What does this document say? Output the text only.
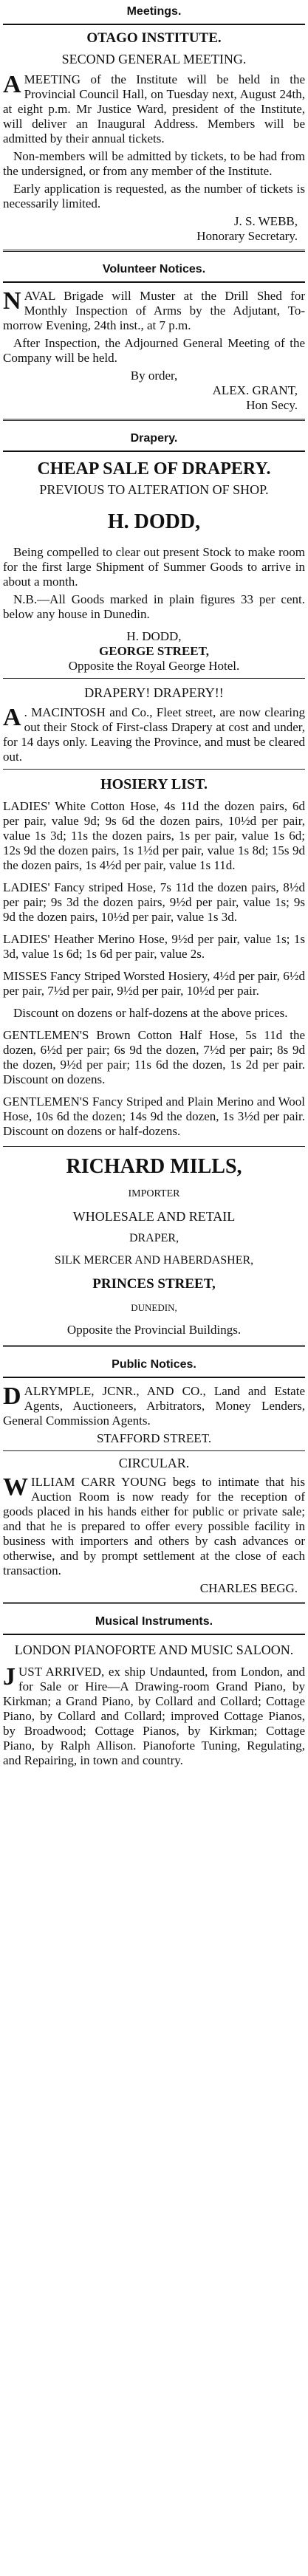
Meetings.
OTAGO INSTITUTE.
SECOND GENERAL MEETING.

AMEETING of the Institute will be held in the Provincial Council Hall, on Tuesday next, August 24th, at eight p.m. Mr Justice Ward, president of the Institute, will deliver an Inaugural Address. Members will be admitted by their annual tickets.

Non-members will be admitted by tickets, to be had from the undersigned, or from any member of the Institute.

Early application is requested, as the number of tickets is necessarily limited.

J. S. WEBB,
Honorary Secretary.
Volunteer Notices.

NAVAL Brigade will Muster at the Drill Shed for Monthly Inspection of Arms by the Adjutant, To-morrow Evening, 24th inst., at 7 p.m.

After Inspection, the Adjourned General Meeting of the Company will be held.

By order,
ALEX. GRANT,
Hon Secy.
Drapery.
CHEAP SALE OF DRAPERY.
PREVIOUS TO ALTERATION OF SHOP.
H. DODD,

Being compelled to clear out present Stock to make room for the first large Shipment of Summer Goods to arrive in about a month.

N.B.—All Goods marked in plain figures 33 per cent. below any house in Dunedin.

H. DODD,
GEORGE STREET,
Opposite the Royal George Hotel.
DRAPERY! DRAPERY!!

A . MACINTOSH and Co., Fleet street, are now clearing out their Stock of First-class Drapery at cost and under, for 14 days only. Leaving the Province, and must be cleared out.

HOSIERY LIST.

LADIES' White Cotton Hose, 4s 11d the dozen pairs, 6d per pair, value 9d; 9s 6d the dozen pairs, 10½d per pair, value 1s 3d; 11s the dozen pairs, 1s per pair, value 1s 6d; 12s 9d the dozen pairs, 1s 1½d per pair, value 1s 8d; 15s 9d the dozen pairs, 1s 4½d per pair, value 1s 11d.

LADIES' Fancy striped Hose, 7s 11d the dozen pairs, 8½d per pair; 9s 3d the dozen pairs, 9½d per pair, value 1s; 9s 9d the dozen pairs, 10½d per pair, value 1s 3d.

LADIES' Heather Merino Hose, 9½d per pair, value 1s; 1s 3d, value 1s 6d; 1s 6d per pair, value 2s.

MISSES Fancy Striped Worsted Hosiery, 4½d per pair, 6½d per pair, 7½d per pair, 9½d per pair, 10½d per pair.

Discount on dozens or half-dozens at the above prices.

GENTLEMEN'S Brown Cotton Half Hose, 5s 11d the dozen, 6½d per pair; 6s 9d the dozen, 7½d per pair; 8s 9d the dozen, 9½d per pair; 11s 6d the dozen, 1s 2d per pair. Discount on dozens.

GENTLEMEN'S Fancy Striped and Plain Merino and Wool Hose, 10s 6d the dozen; 14s 9d the dozen, 1s 3½d per pair. Discount on dozens or half-dozens.

RICHARD MILLS,
IMPORTER
WHOLESALE AND RETAIL
DRAPER,
SILK MERCER AND HABERDASHER,
PRINCES STREET,
DUNEDIN,
Opposite the Provincial Buildings.
Public Notices.

DALRYMPLE, JCNR., AND CO., Land and Estate Agents, Auctioneers, Arbitrators, Money Lenders, General Commission Agents.

STAFFORD STREET.
CIRCULAR.

WILLIAM CARR YOUNG begs to intimate that his Auction Room is now ready for the reception of goods placed in his hands either for public or private sale; and that he is prepared to offer every possible facility in business with importers and others by cash advances or otherwise, and by prompt settlement at the close of each transaction.

CHARLES BEGG.
Musical Instruments.
LONDON PIANOFORTE AND MUSIC SALOON.

JUST ARRIVED, ex ship Undaunted, from London, and for Sale or Hire—A Drawing-room Grand Piano, by Kirkman; a Grand Piano, by Collard and Collard; Cottage Piano, by Collard and Collard; improved Cottage Pianos, by Broadwood; Cottage Pianos, by Kirkman; Cottage Piano, by Ralph Allison. Pianoforte Tuning, Regulating, and Repairing, in town and country.
